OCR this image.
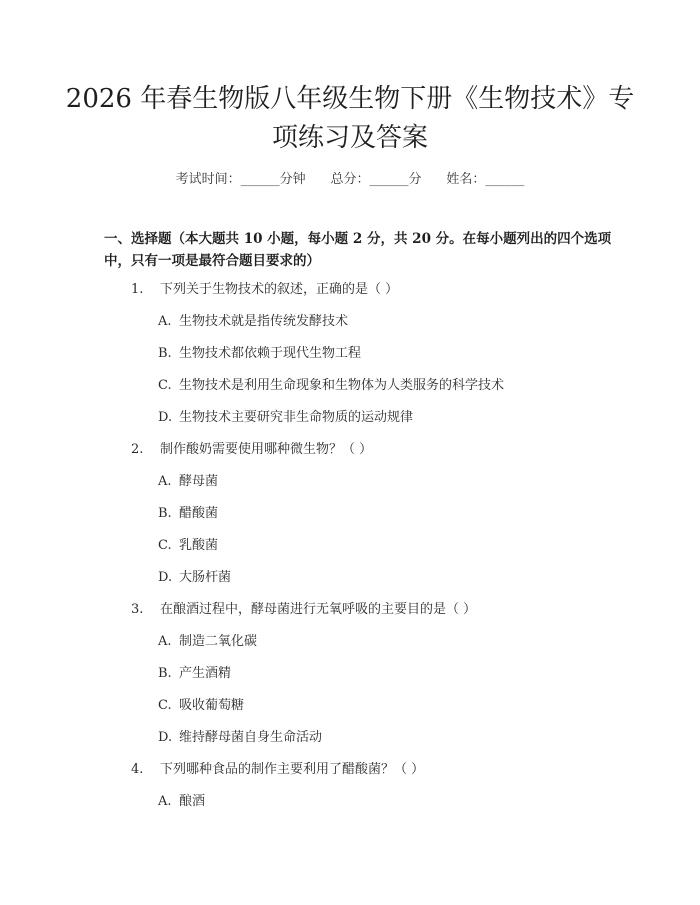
2026 年春生物版八年级生物下册《生物技术》专项练习及答案
考试时间：______分钟 总分：______分 姓名：______
一、选择题（本大题共 10 小题，每小题 2 分，共 20 分。在每小题列出的四个选项中，只有一项是最符合题目要求的）
1. 下列关于生物技术的叙述，正确的是（ ）
A. 生物技术就是指传统发酵技术
B. 生物技术都依赖于现代生物工程
C. 生物技术是利用生命现象和生物体为人类服务的科学技术
D. 生物技术主要研究非生命物质的运动规律
2. 制作酸奶需要使用哪种微生物？（ ）
A. 酵母菌
B. 醋酸菌
C. 乳酸菌
D. 大肠杆菌
3. 在酿酒过程中，酵母菌进行无氧呼吸的主要目的是（ ）
A. 制造二氧化碳
B. 产生酒精
C. 吸收葡萄糖
D. 维持酵母菌自身生命活动
4. 下列哪种食品的制作主要利用了醋酸菌？（ ）
A. 酿酒
